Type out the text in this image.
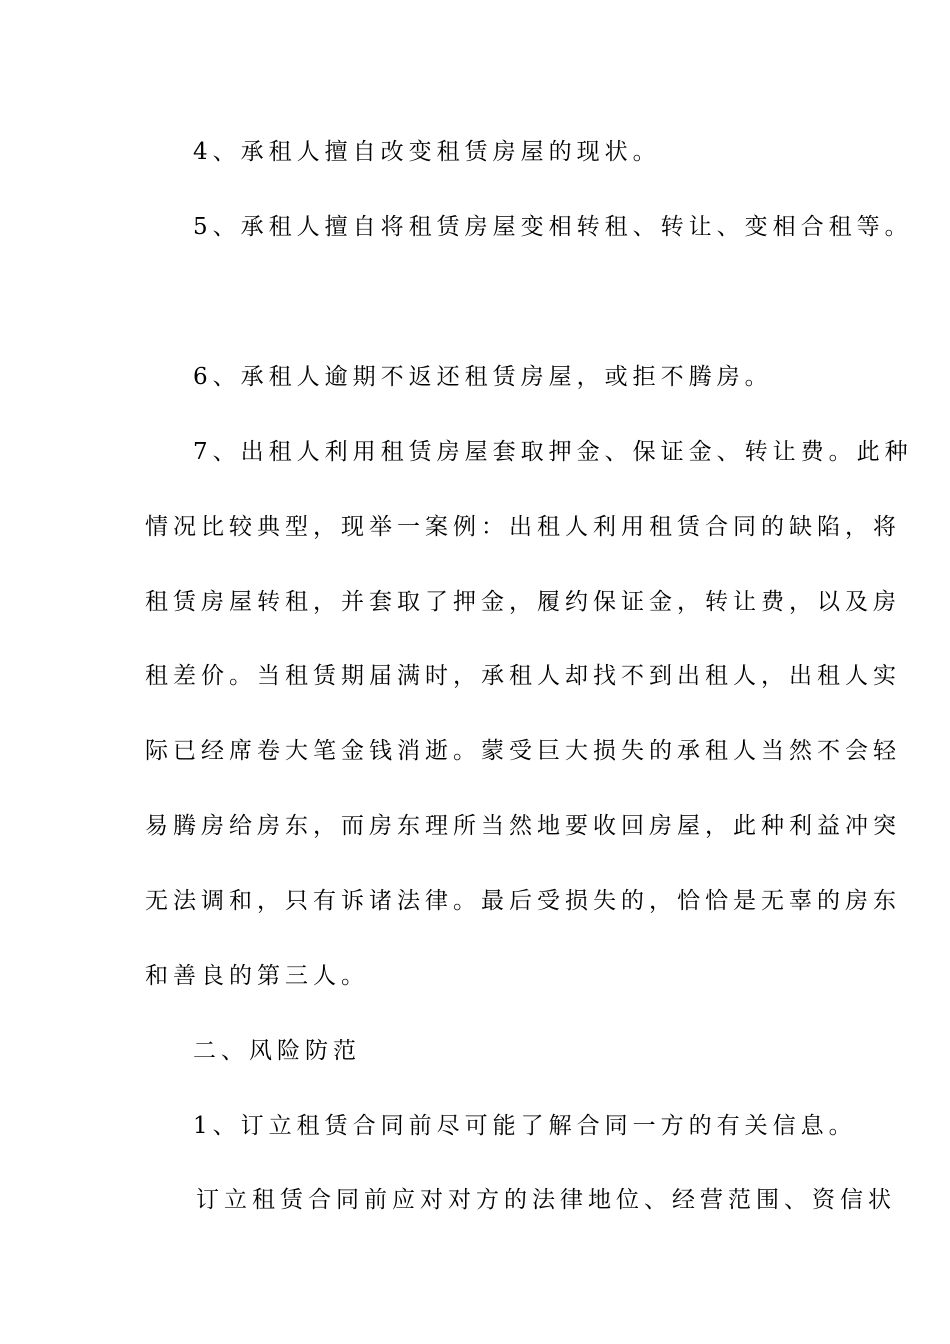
4、承租人擅自改变租赁房屋的现状。
5、承租人擅自将租赁房屋变相转租、转让、变相合租等。
6、承租人逾期不返还租赁房屋，或拒不腾房。
7、出租人利用租赁房屋套取押金、保证金、转让费。此种
情况比较典型，现举一案例：出租人利用租赁合同的缺陷，将
租赁房屋转租，并套取了押金，履约保证金，转让费，以及房
租差价。当租赁期届满时，承租人却找不到出租人，出租人实
际已经席卷大笔金钱消逝。蒙受巨大损失的承租人当然不会轻
易腾房给房东，而房东理所当然地要收回房屋，此种利益冲突
无法调和，只有诉诸法律。最后受损失的，恰恰是无辜的房东
和善良的第三人。
二、风险防范
1、订立租赁合同前尽可能了解合同一方的有关信息。
订立租赁合同前应对对方的法律地位、经营范围、资信状
